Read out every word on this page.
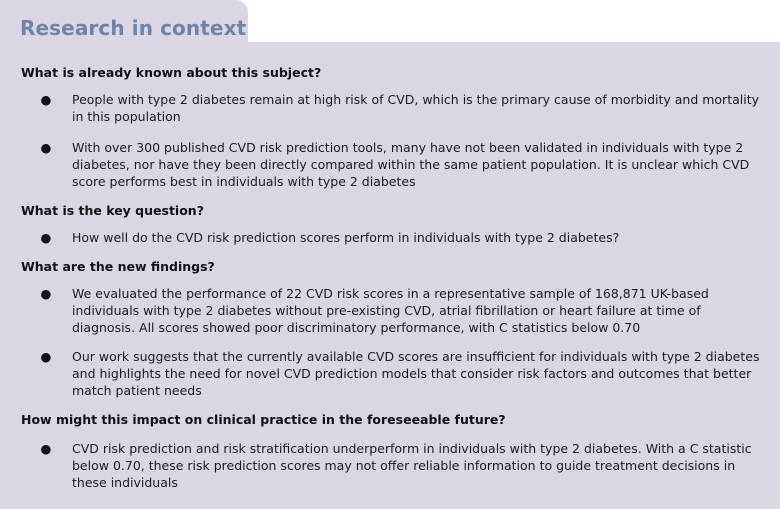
Research in context
What is already known about this subject?
● People with type 2 diabetes remain at high risk of CVD, which is the primary cause of morbidity and mortality in this population
● With over 300 published CVD risk prediction tools, many have not been validated in individuals with type 2 diabetes, nor have they been directly compared within the same patient population. It is unclear which CVD score performs best in individuals with type 2 diabetes
What is the key question?
● How well do the CVD risk prediction scores perform in individuals with type 2 diabetes?
What are the new findings?
● We evaluated the performance of 22 CVD risk scores in a representative sample of 168,871 UK-based individuals with type 2 diabetes without pre-existing CVD, atrial fibrillation or heart failure at time of diagnosis. All scores showed poor discriminatory performance, with C statistics below 0.70
● Our work suggests that the currently available CVD scores are insufficient for individuals with type 2 diabetes and highlights the need for novel CVD prediction models that consider risk factors and outcomes that better match patient needs
How might this impact on clinical practice in the foreseeable future?
● CVD risk prediction and risk stratification underperform in individuals with type 2 diabetes. With a C statistic below 0.70, these risk prediction scores may not offer reliable information to guide treatment decisions in these individuals
